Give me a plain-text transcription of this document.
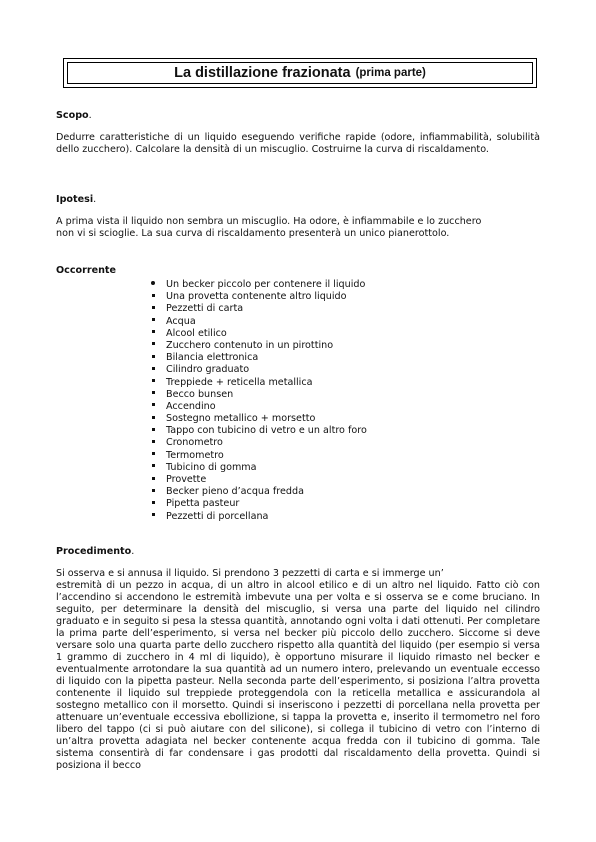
La distillazione frazionata (prima parte)
Scopo.

Dedurre caratteristiche di un liquido eseguendo verifiche rapide (odore, infiammabilità, solubilità dello zucchero). Calcolare la densità di un miscuglio. Costruirne la curva di riscaldamento.

Ipotesi.

A prima vista il liquido non sembra un miscuglio. Ha odore, è infiammabile e lo zucchero

non vi si scioglie. La sua curva di riscaldamento presenterà un unico pianerottolo.

Occorrente
Un becker piccolo per contenere il liquido
Una provetta contenente altro liquido
Pezzetti di carta
Acqua
Alcool etilico
Zucchero contenuto in un pirottino
Bilancia elettronica
Cilindro graduato
Treppiede + reticella metallica
Becco bunsen
Accendino
Sostegno metallico + morsetto
Tappo con tubicino di vetro e un altro foro
Cronometro
Termometro
Tubicino di gomma
Provette
Becker pieno d’acqua fredda
Pipetta pasteur
Pezzetti di porcellana
Procedimento.

Si osserva e si annusa il liquido. Si prendono 3 pezzetti di carta e si immerge un’

estremità di un pezzo in acqua, di un altro in alcool etilico e di un altro nel liquido. Fatto ciò con l’accendino si accendono le estremità imbevute una per volta e si osserva se e come bruciano. In seguito, per determinare la densità del miscuglio, si versa una parte del liquido nel cilindro graduato e in seguito si pesa la stessa quantità, annotando ogni volta i dati ottenuti. Per completare la prima parte dell’esperimento, si versa nel becker più piccolo dello zucchero. Siccome si deve versare solo una quarta parte dello zucchero rispetto alla quantità del liquido (per esempio si versa 1 grammo di zucchero in 4 ml di liquido), è opportuno misurare il liquido rimasto nel becker e eventualmente arrotondare la sua quantità ad un numero intero, prelevando un eventuale eccesso di liquido con la pipetta pasteur. Nella seconda parte dell’esperimento, si posiziona l’altra provetta contenente il liquido sul treppiede proteggendola con la reticella metallica e assicurandola al sostegno metallico con il morsetto. Quindi si inseriscono i pezzetti di porcellana nella provetta per attenuare un’eventuale eccessiva ebollizione, si tappa la provetta e, inserito il termometro nel foro libero del tappo (ci si può aiutare con del silicone), si collega il tubicino di vetro con l’interno di un’altra provetta adagiata nel becker contenente acqua fredda con il tubicino di gomma. Tale sistema consentirà di far condensare i gas prodotti dal riscaldamento della provetta. Quindi si posiziona il becco
